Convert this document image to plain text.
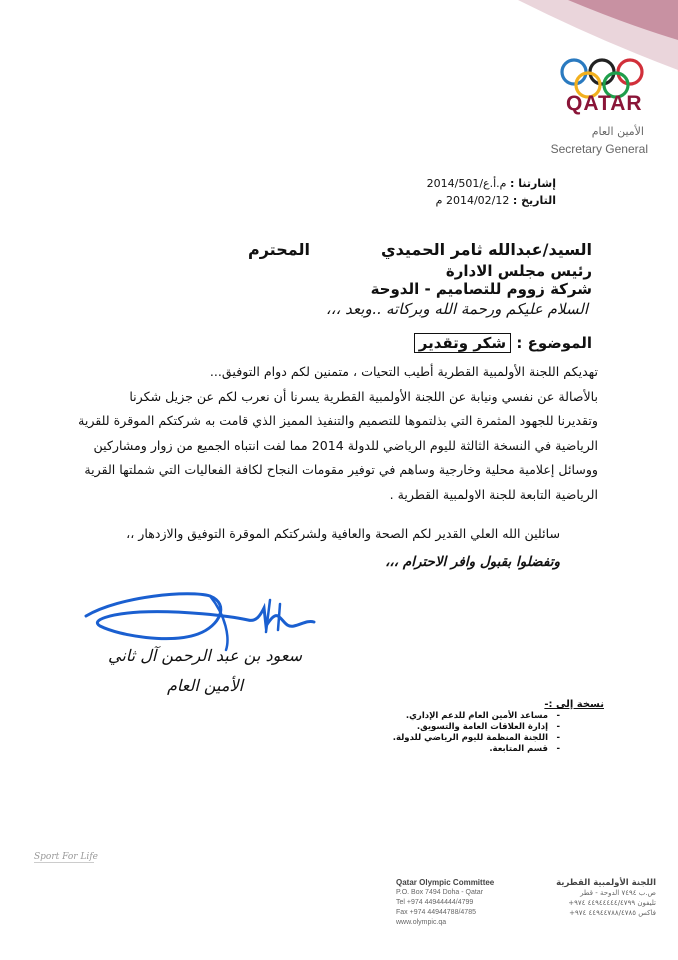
QATAR
الأمين العام
Secretary General
إشارتنا : م.أ.ع/2014/501
التاريخ : 2014/02/12 م
السيد/عبدالله ثامر الحميدي
المحترم
رئيس مجلس الادارة
شركة زووم للتصاميم - الدوحة
السلام عليكم ورحمة الله وبركاته ..وبعد ،،،
الموضوع : شكر وتقدير

تهديكم اللجنة الأولمبية القطرية أطيب التحيات ، متمنين لكم دوام التوفيق...

بالأصالة عن نفسي ونيابة عن اللجنة الأولمبية القطرية يسرنا أن نعرب لكم عن جزيل شكرنا

وتقديرنا للجهود المثمرة التي بذلتموها للتصميم والتنفيذ المميز الذي قامت به شركتكم الموقرة للقرية

الرياضية في النسخة الثالثة لليوم الرياضي للدولة 2014 مما لفت انتباه الجميع من زوار ومشاركين

ووسائل إعلامية محلية وخارجية وساهم في توفير مقومات النجاح لكافة الفعاليات التي شملتها القرية

الرياضية التابعة للجنة الاولمبية القطرية .

سائلين الله العلي القدير لكم الصحة والعافية ولشركتكم الموقرة التوفيق والازدهار ،،
وتفضلوا بقبول وافر الاحترام ،،،
سعود بن عبد الرحمن آل ثاني
الأمين العام
نسخة إلى :-
- مساعد الأمين العام للدعم الإداري.
- إدارة العلاقات العامة والتسويق.
- اللجنة المنظمة لليوم الرياضي للدولة.
- قسم المتابعة.
Sport For Life
Qatar Olympic Committee
P.O. Box 7494 Doha - Qatar
Tel +974 44944444/4799
Fax +974 44944788/4785
www.olympic.qa
اللجنة الأولمبية القطرية
ص.ب ٧٤٩٤ الدوحة - قطر
تليفون ٤٤٩٤٤٤٤٤/٤٧٩٩ ٩٧٤+
فاكس ٤٤٩٤٤٧٨٨/٤٧٨٥ ٩٧٤+
